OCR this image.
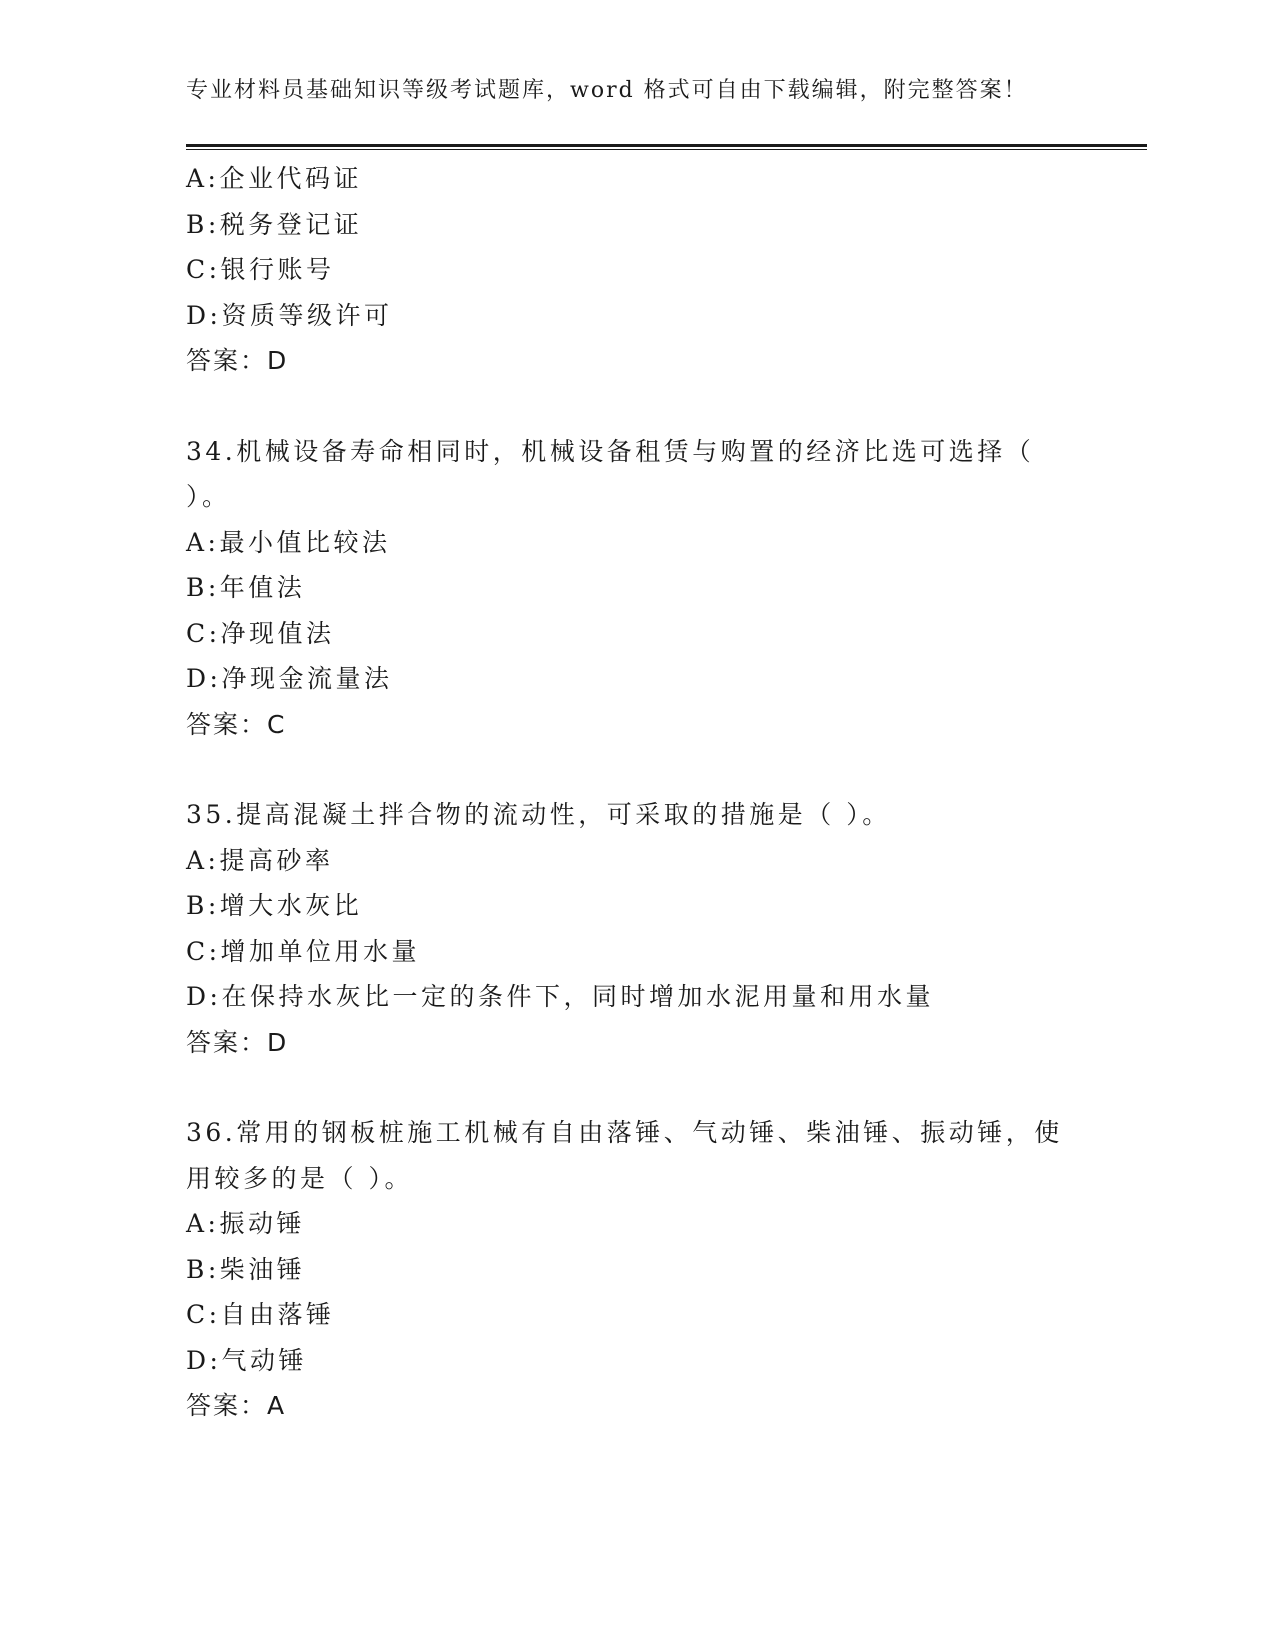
专业材料员基础知识等级考试题库，word 格式可自由下载编辑，附完整答案！
A:企业代码证
B:税务登记证
C:银行账号
D:资质等级许可
答案：D
34.机械设备寿命相同时，机械设备租赁与购置的经济比选可选择（
）。
A:最小值比较法
B:年值法
C:净现值法
D:净现金流量法
答案：C
35.提高混凝土拌合物的流动性，可采取的措施是（ ）。
A:提高砂率
B:增大水灰比
C:增加单位用水量
D:在保持水灰比一定的条件下，同时增加水泥用量和用水量
答案：D
36.常用的钢板桩施工机械有自由落锤、气动锤、柴油锤、振动锤，使
用较多的是（ ）。
A:振动锤
B:柴油锤
C:自由落锤
D:气动锤
答案：A
